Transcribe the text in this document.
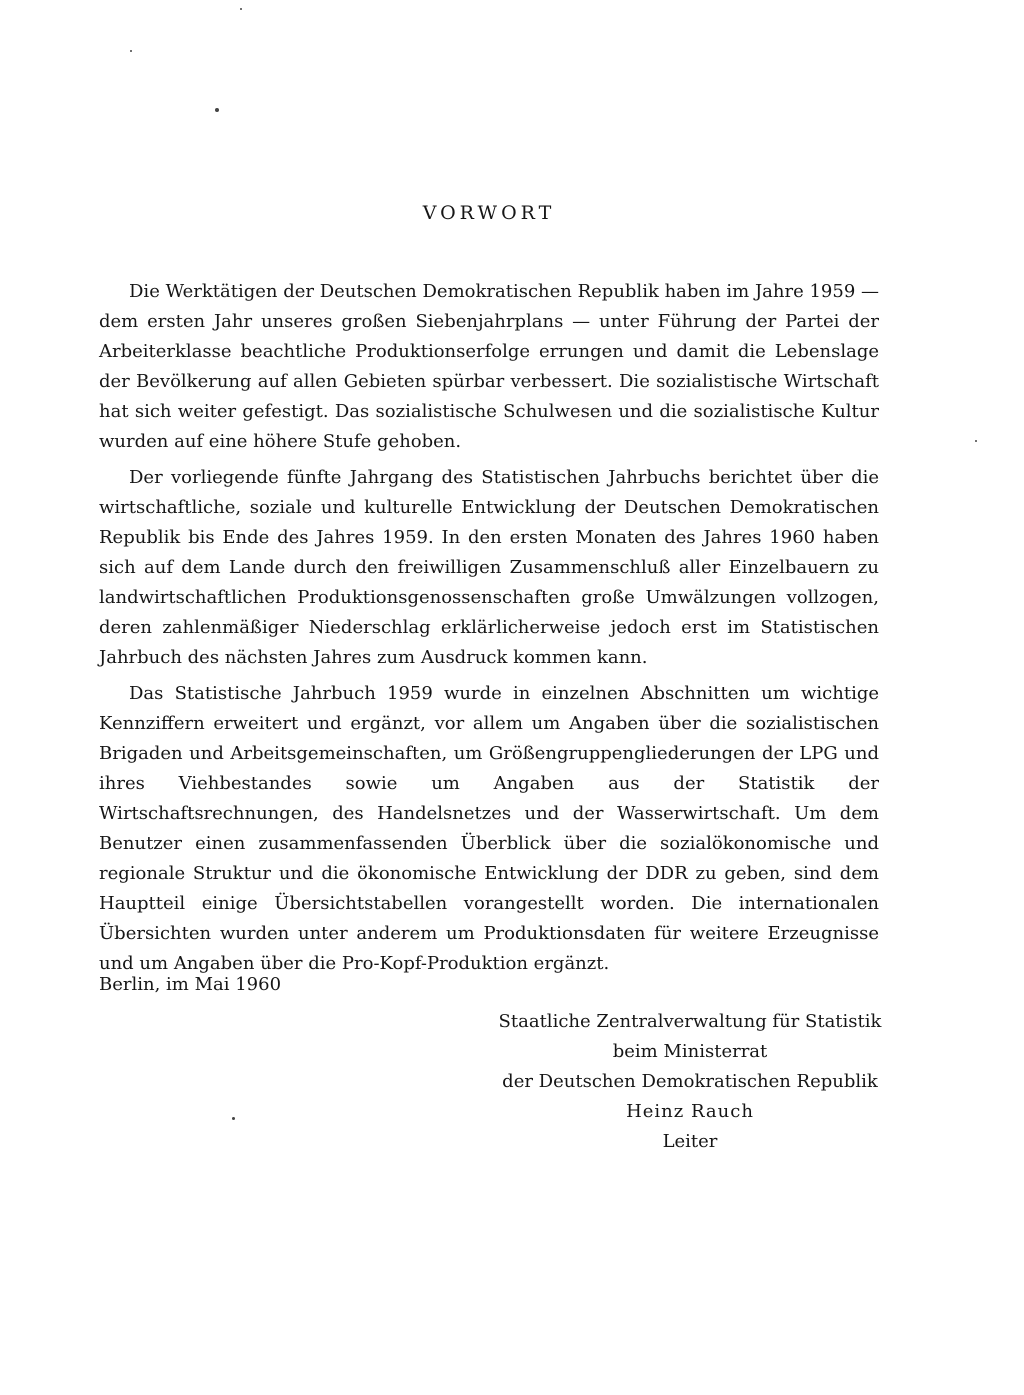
VORWORT

Die Werktätigen der Deutschen Demokratischen Republik haben im Jahre 1959 — dem ersten Jahr unseres großen Siebenjahrplans — unter Führung der Partei der Arbeiterklasse beachtliche Produktionserfolge errungen und damit die Lebenslage der Bevölkerung auf allen Gebieten spürbar verbessert. Die sozialistische Wirtschaft hat sich weiter gefestigt. Das sozialistische Schulwesen und die sozialistische Kultur wurden auf eine höhere Stufe gehoben.

Der vorliegende fünfte Jahrgang des Statistischen Jahrbuchs berichtet über die wirtschaftliche, soziale und kulturelle Entwicklung der Deutschen Demokratischen Republik bis Ende des Jahres 1959. In den ersten Monaten des Jahres 1960 haben sich auf dem Lande durch den freiwilligen Zusammenschluß aller Einzelbauern zu landwirtschaftlichen Produktionsgenossenschaften große Umwälzungen vollzogen, deren zahlenmäßiger Niederschlag erklärlicherweise jedoch erst im Statistischen Jahrbuch des nächsten Jahres zum Ausdruck kommen kann.

Das Statistische Jahrbuch 1959 wurde in einzelnen Abschnitten um wichtige Kennziffern erweitert und ergänzt, vor allem um Angaben über die sozialistischen Brigaden und Arbeitsgemeinschaften, um Größengruppengliederungen der LPG und ihres Viehbestandes sowie um Angaben aus der Statistik der Wirtschaftsrechnungen, des Handelsnetzes und der Wasserwirtschaft. Um dem Benutzer einen zusammenfassenden Überblick über die sozialökonomische und regionale Struktur und die ökonomische Entwicklung der DDR zu geben, sind dem Hauptteil einige Übersichtstabellen vorangestellt worden. Die internationalen Übersichten wurden unter anderem um Produktionsdaten für weitere Erzeugnisse und um Angaben über die Pro-Kopf-Produktion ergänzt.

Berlin, im Mai 1960

Staatliche Zentralverwaltung für Statistik
beim Ministerrat
der Deutschen Demokratischen Republik
Heinz Rauch
Leiter
